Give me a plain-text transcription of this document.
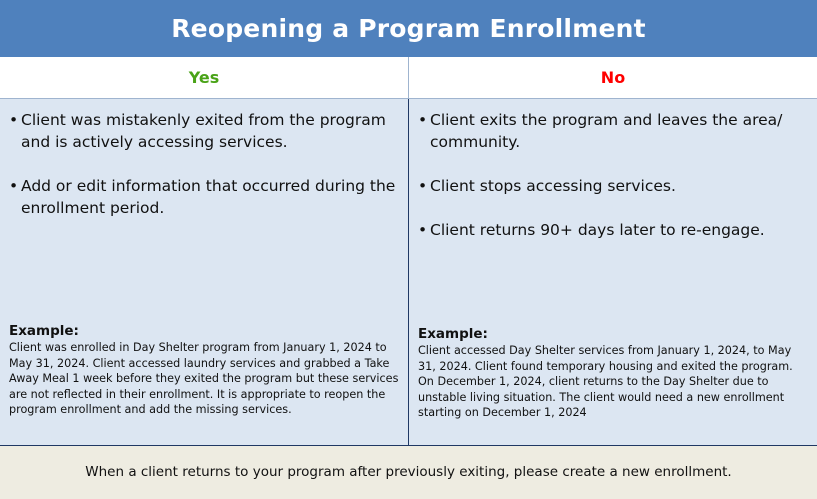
Reopening a Program Enrollment
Yes	No
• Client was mistakenly exited from the program and is actively accessing services.
• Add or edit information that occurred during the enrollment period.
Example:
Client was enrolled in Day Shelter program from January 1, 2024 to May 31, 2024. Client accessed laundry services and grabbed a Take Away Meal 1 week before they exited the program but these services are not reflected in their enrollment. It is appropriate to reopen the program enrollment and add the missing services.
• Client exits the program and leaves the area/ community.
• Client stops accessing services.
• Client returns 90+ days later to re-engage.
Example:
Client accessed Day Shelter services from January 1, 2024, to May 31, 2024. Client found temporary housing and exited the program. On December 1, 2024, client returns to the Day Shelter due to unstable living situation. The client would need a new enrollment starting on December 1, 2024
When a client returns to your program after previously exiting, please create a new enrollment.
